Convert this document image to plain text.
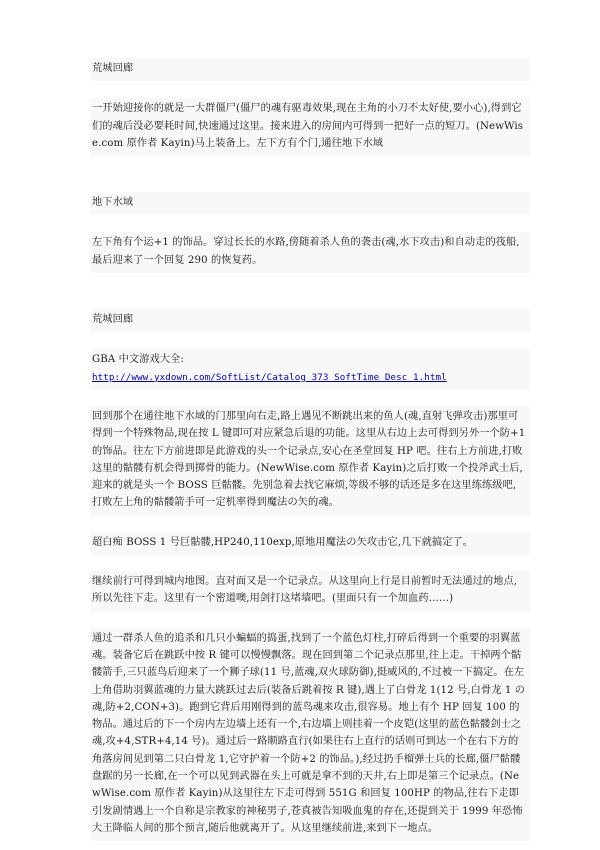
荒城回廊

一开始迎接你的就是一大群僵尸(僵尸的魂有驱毒效果,现在主角的小刀不太好使,要小心),得到它们的魂后没必要耗时间,快速通过这里。接来进入的房间内可得到一把好一点的短刀。(NewWise.com 原作者 Kayin)马上装备上。左下方有个门,通往地下水域

地下水域

左下角有个运+1 的饰品。穿过长长的水路,傍随着杀人鱼的袭击(魂,水下攻击)和自动走的筏船,最后迎来了一个回复 290 的恢复药。

荒城回廊

GBA 中文游戏大全:
http://www.yxdown.com/SoftList/Catalog_373_SoftTime_Desc_1.html

回到那个在通往地下水域的门那里向右走,路上遇见不断跳出来的鱼人(魂,直射飞弹攻击)那里可得到一个特殊物品,现在按 L 键即可对应紧急后退的功能。这里从右边上去可得到另外一个防+1 的饰品。往左下方前进即是此游戏的头一个记录点,安心在圣堂回复 HP 吧。往右上方前进,打败这里的骷髅有机会得到掷骨的能力。(NewWise.com 原作者 Kayin)之后打败一个投斧武士后,迎来的就是头一个 BOSS 巨骷髅。先别急着去找它麻烦,等级不够的话还是多在这里练练级吧,打败左上角的骷髅箭手可一定机率得到魔法の矢的魂。

超白痴 BOSS 1 号巨骷髅,HP240,110exp,原地用魔法の矢攻击它,几下就搞定了。

继续前行可得到城内地图。直对面又是一个记录点。从这里向上行是目前暂时无法通过的地点,所以先往下走。这里有一个密道噢,用剑打这堵墙吧。(里面只有一个加血药……)

通过一群杀人鱼的追杀和几只小蝙蝠的捣蛋,找到了一个蓝色灯柱,打碎后得到一个重要的羽翼蓝魂。装备它后在跳跃中按 R 键可以慢慢飘落。现在回到第二个记录点那里,往上走。干掉两个骷髅箭手,三只蓝鸟后迎来了一个狮子球(11 号,蓝魂,双火球防御),挺威风的,不过被一下搞定。在左上角借助羽翼蓝魂的力量大跳跃过去后(装备后跳着按 R 键),遇上了白骨龙 1(12 号,白骨龙 1 の魂,防+2,CON+3)。跑到它背后用刚得到的蓝鸟魂来攻击,很容易。地上有个 HP 回复 100 的物品。通过后的下一个房内左边墙上还有一个,右边墙上则挂着一个皮铠(这里的蓝色骷髅剑士之魂,攻+4,STR+4,14 号)。通过后一路顺路直行(如果往右上直行的话则可到达一个在右下方的角落房间见到第二只白骨龙 1,它守护着一个防+2 的饰品。),经过扔手榴弹士兵的长廊,僵尸骷髅盘踞的另一长廊,在一个可以见到武器在头上可就是拿不到的天井,右上即是第三个记录点。(NewWise.com 原作者 Kayin)从这里往左下走可得到 551G 和回复 100HP 的物品,往右下走即引发剧情遇上一个自称是宗教家的神秘男子,苍真被告知吸血鬼的存在,还提到关于 1999 年恐怖大王降临人间的那个预言,随后他就离开了。从这里继续前进,来到下一地点。
